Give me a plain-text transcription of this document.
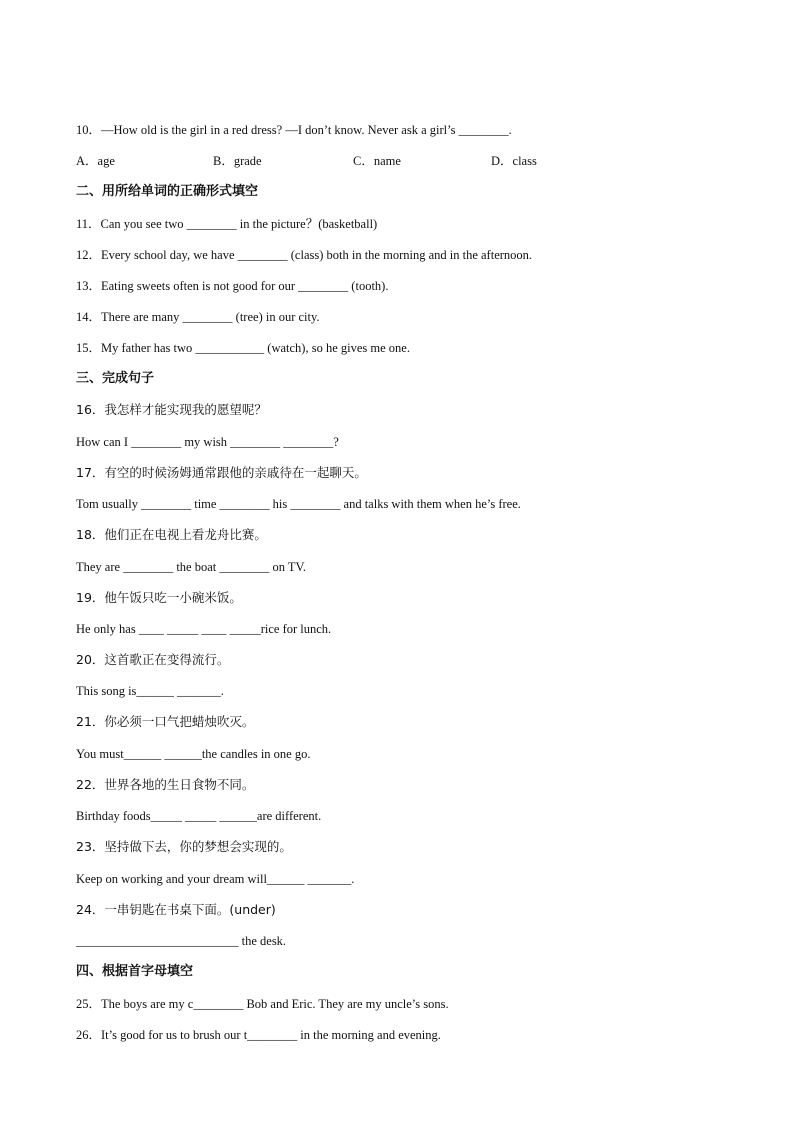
10．—How old is the girl in a red dress? —I don’t know. Never ask a girl’s ________.
A．age	B．grade	C．name	D．class
二、用所给单词的正确形式填空
11．Can you see two ________ in the picture？(basketball)
12．Every school day, we have ________ (class) both in the morning and in the afternoon.
13．Eating sweets often is not good for our ________ (tooth).
14．There are many ________ (tree) in our city.
15．My father has two ___________ (watch), so he gives me one.
三、完成句子
16．我怎样才能实现我的愿望呢？
How can I ________ my wish ________ ________?
17．有空的时候汤姆通常跟他的亲戚待在一起聊天。
Tom usually ________ time ________ his ________ and talks with them when he’s free.
18．他们正在电视上看龙舟比赛。
They are ________ the boat ________ on TV.
19．他午饭只吃一小碗米饭。
He only has ____ _____ ____ _____rice for lunch.
20．这首歌正在变得流行。
This song is______ _______.
21．你必须一口气把蜡烛吹灭。
You must______ ______the candles in one go.
22．世界各地的生日食物不同。
Birthday foods_____ _____ ______are different.
23．坚持做下去，你的梦想会实现的。
Keep on working and your dream will______ _______.
24．一串钥匙在书桌下面。(under)
__________________________ the desk.
四、根据首字母填空
25．The boys are my c________ Bob and Eric. They are my uncle’s sons.
26．It’s good for us to brush our t________ in the morning and evening.
